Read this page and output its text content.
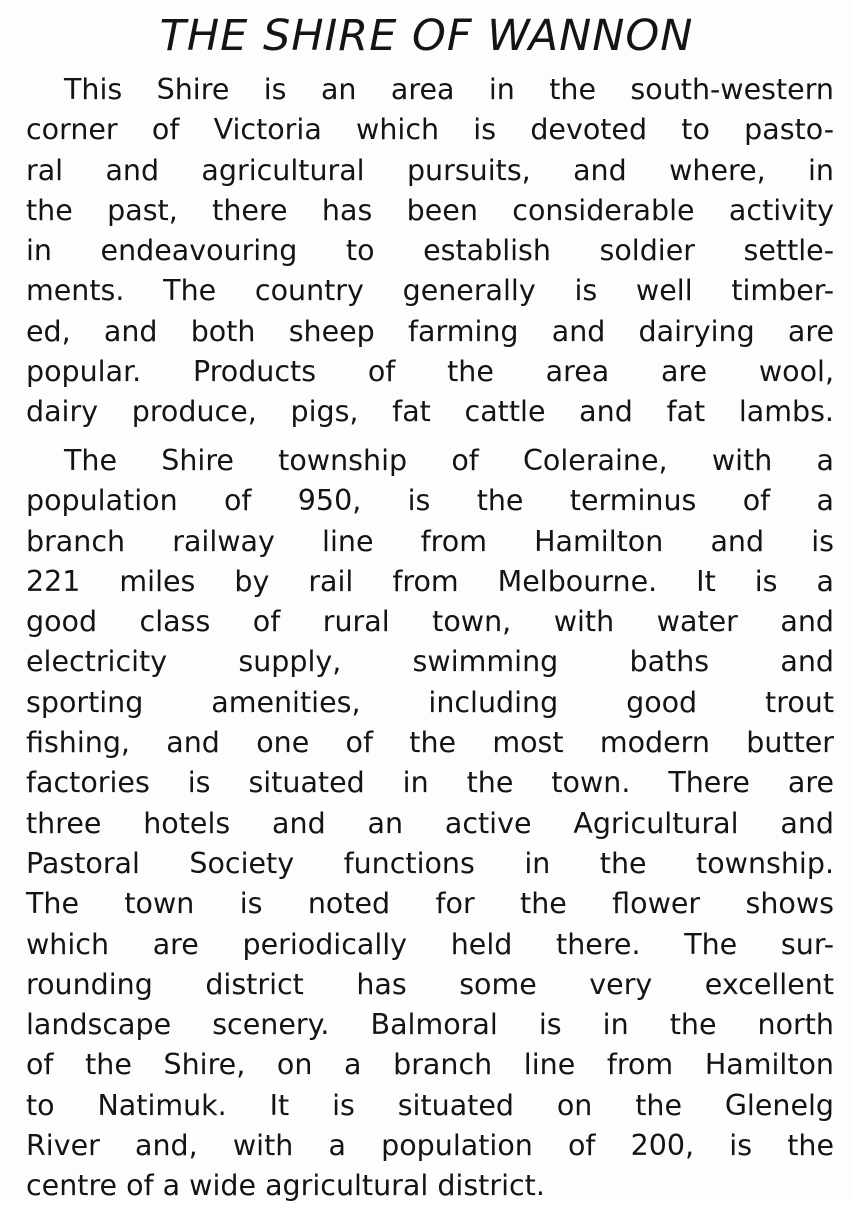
THE SHIRE OF WANNON
This Shire is an area in the south-western
corner of Victoria which is devoted to pasto-
ral and agricultural pursuits, and where, in
the past, there has been considerable activity
in endeavouring to establish soldier settle-
ments. The country generally is well timber-
ed, and both sheep farming and dairying are
popular. Products of the area are wool,
dairy produce, pigs, fat cattle and fat lambs.
The Shire township of Coleraine, with a
population of 950, is the terminus of a
branch railway line from Hamilton and is
221 miles by rail from Melbourne. It is a
good class of rural town, with water and
electricity supply, swimming baths and
sporting amenities, including good trout
fishing, and one of the most modern butter
factories is situated in the town. There are
three hotels and an active Agricultural and
Pastoral Society functions in the township.
The town is noted for the flower shows
which are periodically held there. The sur-
rounding district has some very excellent
landscape scenery. Balmoral is in the north
of the Shire, on a branch line from Hamilton
to Natimuk. It is situated on the Glenelg
River and, with a population of 200, is the
centre of a wide agricultural district.
